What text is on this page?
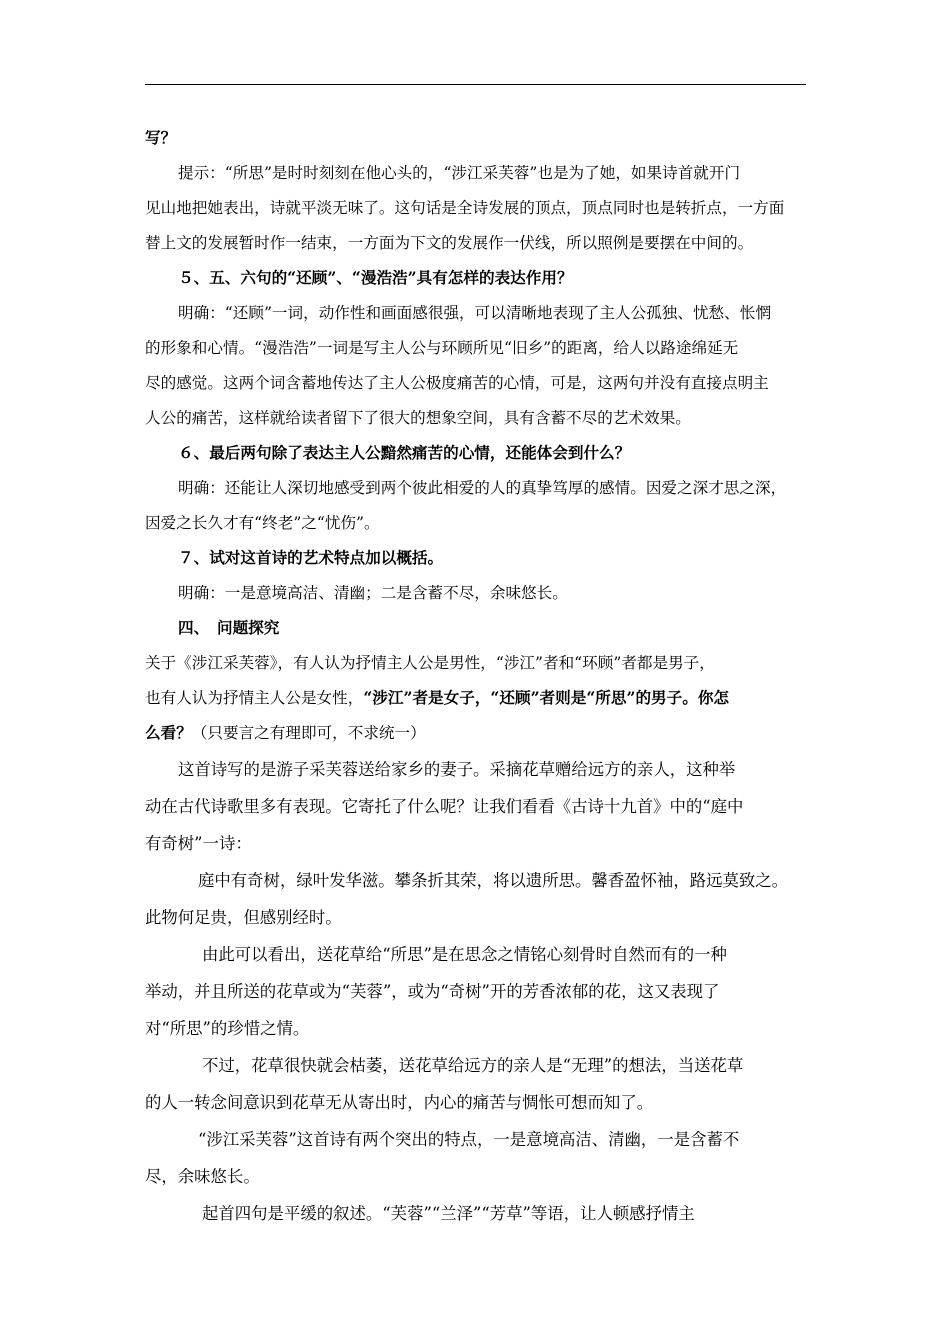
写？
提示：“所思”是时时刻刻在他心头的，“涉江采芙蓉”也是为了她，如果诗首就开门
见山地把她表出，诗就平淡无味了。这句话是全诗发展的顶点，顶点同时也是转折点，一方面
替上文的发展暂时作一结束，一方面为下文的发展作一伏线，所以照例是要摆在中间的。
５、五、六句的“还顾”、“漫浩浩”具有怎样的表达作用？
明确：“还顾”一词，动作性和画面感很强，可以清晰地表现了主人公孤独、忧愁、怅惘
的形象和心情。“漫浩浩”一词是写主人公与环顾所见“旧乡”的距离，给人以路途绵延无
尽的感觉。这两个词含蓄地传达了主人公极度痛苦的心情，可是，这两句并没有直接点明主
人公的痛苦，这样就给读者留下了很大的想象空间，具有含蓄不尽的艺术效果。
６、最后两句除了表达主人公黯然痛苦的心情，还能体会到什么？
明确：还能让人深切地感受到两个彼此相爱的人的真挚笃厚的感情。因爱之深才思之深，
因爱之长久才有“终老”之“忧伤”。
７、试对这首诗的艺术特点加以概括。
明确：一是意境高洁、清幽；二是含蓄不尽，余味悠长。
四、　问题探究
关于《涉江采芙蓉》，有人认为抒情主人公是男性，“涉江”者和“环顾”者都是男子，
也有人认为抒情主人公是女性，“涉江”者是女子，“还顾”者则是“所思”的男子。你怎
么看？（只要言之有理即可，不求统一）
这首诗写的是游子采芙蓉送给家乡的妻子。采摘花草赠给远方的亲人，这种举
动在古代诗歌里多有表现。它寄托了什么呢？让我们看看《古诗十九首》中的“庭中
有奇树”一诗：
庭中有奇树，绿叶发华滋。攀条折其荣，将以遗所思。馨香盈怀袖，路远莫致之。
此物何足贵，但感别经时。
由此可以看出，送花草给“所思”是在思念之情铭心刻骨时自然而有的一种
举动，并且所送的花草或为“芙蓉”，或为“奇树”开的芳香浓郁的花，这又表现了
对“所思”的珍惜之情。
不过，花草很快就会枯萎，送花草给远方的亲人是“无理”的想法，当送花草
的人一转念间意识到花草无从寄出时，内心的痛苦与惆怅可想而知了。
“涉江采芙蓉”这首诗有两个突出的特点，一是意境高洁、清幽，一是含蓄不
尽，余味悠长。
起首四句是平缓的叙述。“芙蓉”“兰泽”“芳草”等语，让人顿感抒情主
